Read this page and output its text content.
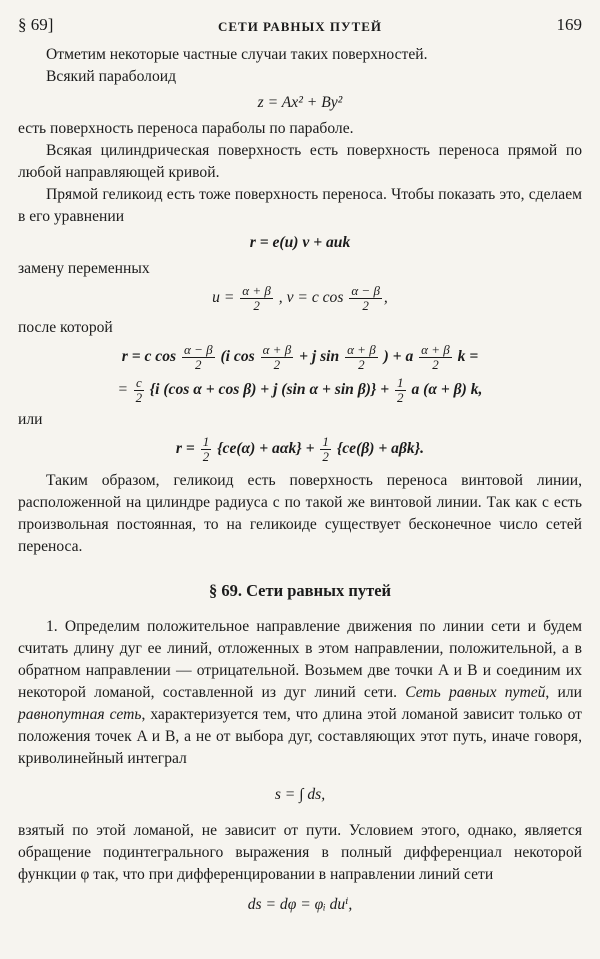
§ 69]	СЕТИ РАВНЫХ ПУТЕЙ	169

Отметим некоторые частные случаи таких поверхностей.

Всякий параболоид

z = Ax² + By²

есть поверхность переноса параболы по параболе.

Всякая цилиндрическая поверхность есть поверхность переноса прямой по любой направляющей кривой.

Прямой геликоид есть тоже поверхность переноса. Чтобы показать это, сделаем в его уравнении

r = e(u) v + auk

замену переменных

$u = \frac{\alpha + \beta}{2}$ , v = c $\cos \frac{\alpha - \beta}{2}$ ,

после которой

r = c $\cos \frac{\alpha - \beta}{2} (i$ $\cos \frac{\alpha + \beta}{2} + j$ $\sin \frac{\alpha + \beta}{2}$ ) + a $\frac{\alpha + \beta}{2}$ k =
= $\frac{c}{2} \{i$ (cos α + cos β) + j (sin $\alpha + \sin \beta)\} + \frac{1}{2}$ a (α + β) k,

или

$r = \frac{1}{2} \{ce(\alpha) + a\alpha k\} + \frac{1}{2} \{ce(\beta) + a\beta k\}$.

Таким образом, геликоид есть поверхность переноса винтовой линии, расположенной на цилиндре радиуса c по такой же винтовой линии. Так как c есть произвольная постоянная, то на геликоиде существует бесконечное число сетей переноса.

§ 69. Сети равных путей

1. Определим положительное направление движения по линии сети и будем считать длину дуг ее линий, отложенных в этом направлении, положительной, а в обратном направлении — отрицательной. Возьмем две точки A и B и соединим их некоторой ломаной, составленной из дуг линий сети. Сеть равных путей, или равнопутная сеть, характеризуется тем, что длина этой ломаной зависит только от положения точек A и B, а не от выбора дуг, составляющих этот путь, иначе говоря, криволинейный интеграл

s = ∫ ds,

взятый по этой ломаной, не зависит от пути. Условием этого, однако, является обращение подинтегрального выражения в полный дифференциал некоторой функции φ так, что при дифференцировании в направлении линий сети

ds = dφ = φᵢ duⁱ,
